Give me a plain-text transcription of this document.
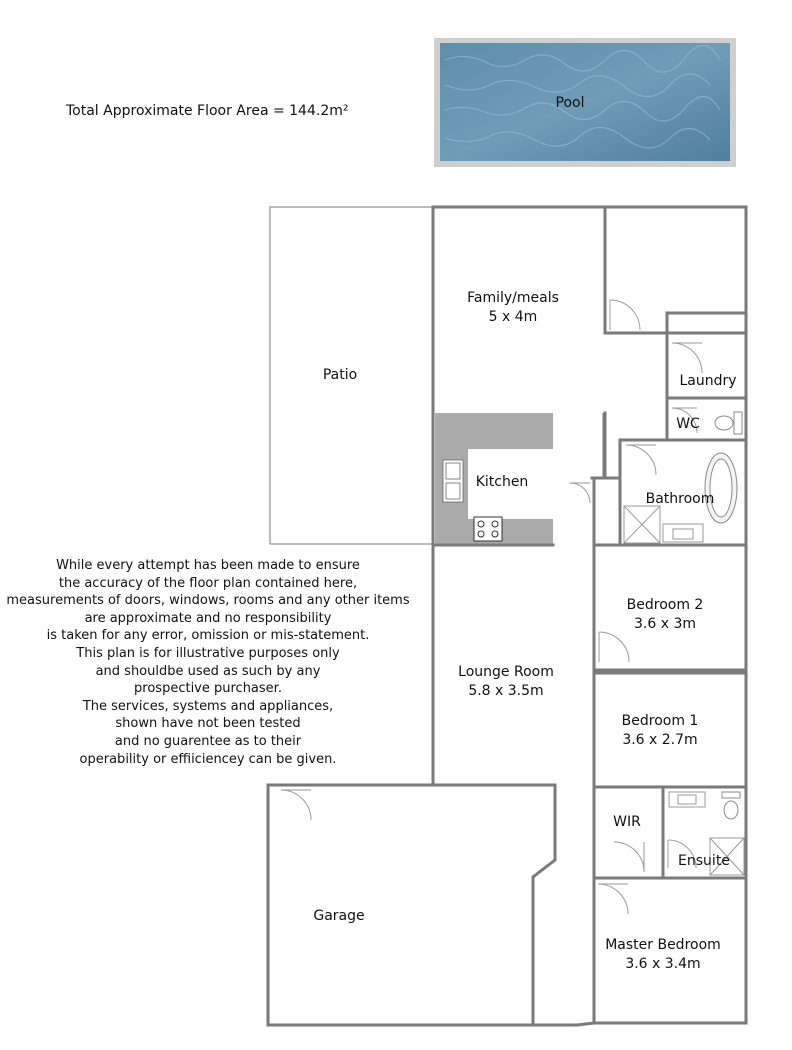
Total Approximate Floor Area = 144.2m²	Pool
Patio
Family/meals
5 x 4m
Laundry
WC
Kitchen
Bathroom
Bedroom 2
3.6 x 3m
Lounge Room
5.8 x 3.5m
Bedroom 1
3.6 x 2.7m
WIR
Ensuite
Garage
Master Bedroom
3.6 x 3.4m
While every attempt has been made to ensure
the accuracy of the floor plan contained here,
measurements of doors, windows, rooms and any other items
are approximate and no responsibility
is taken for any error, omission or mis-statement.
This plan is for illustrative purposes only
and shouldbe used as such by any
prospective purchaser.
The services, systems and appliances,
shown have not been tested
and no guarentee as to their
operability or effiiciencey can be given.
